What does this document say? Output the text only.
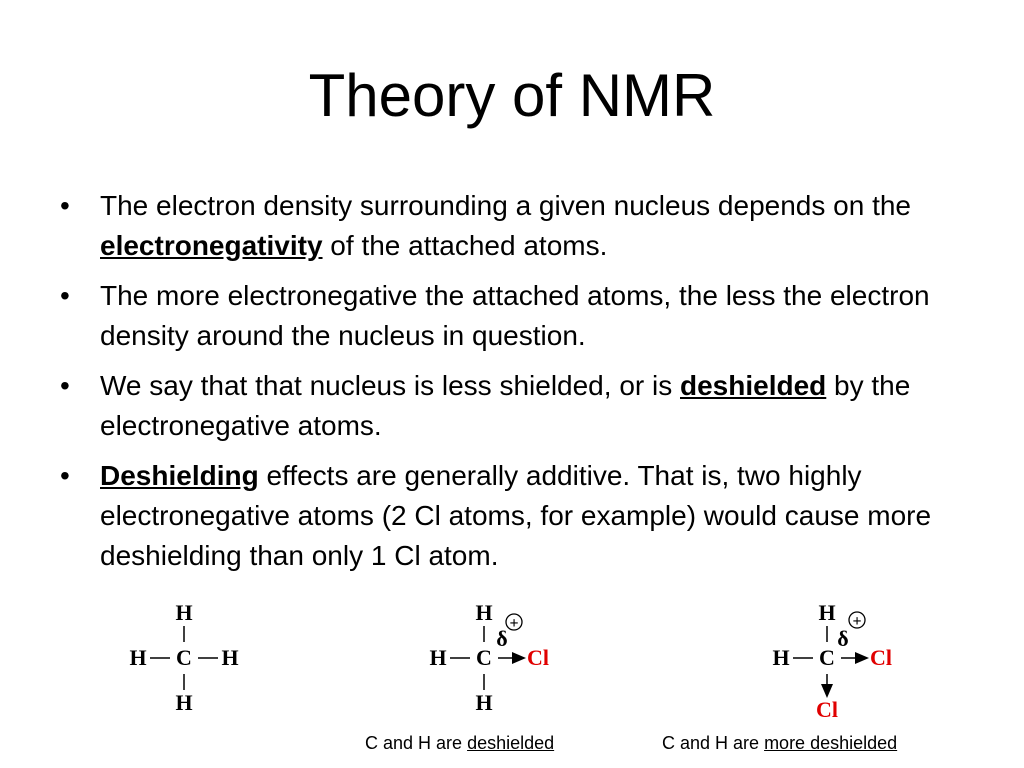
Theory of NMR
• The electron density surrounding a given nucleus depends on the electronegativity of the attached atoms.
• The more electronegative the attached atoms, the less the electron density around the nucleus in question.
• We say that that nucleus is less shielded, or is deshielded by the electronegative atoms.
• Deshielding effects are generally additive. That is, two highly electronegative atoms (2 Cl atoms, for example) would cause more deshielding than only 1 Cl atom.
H
H C H
H
H +
δ
H C Cl
H
H +
δ
H C Cl
Cl
C and H are deshielded	C and H are more deshielded
